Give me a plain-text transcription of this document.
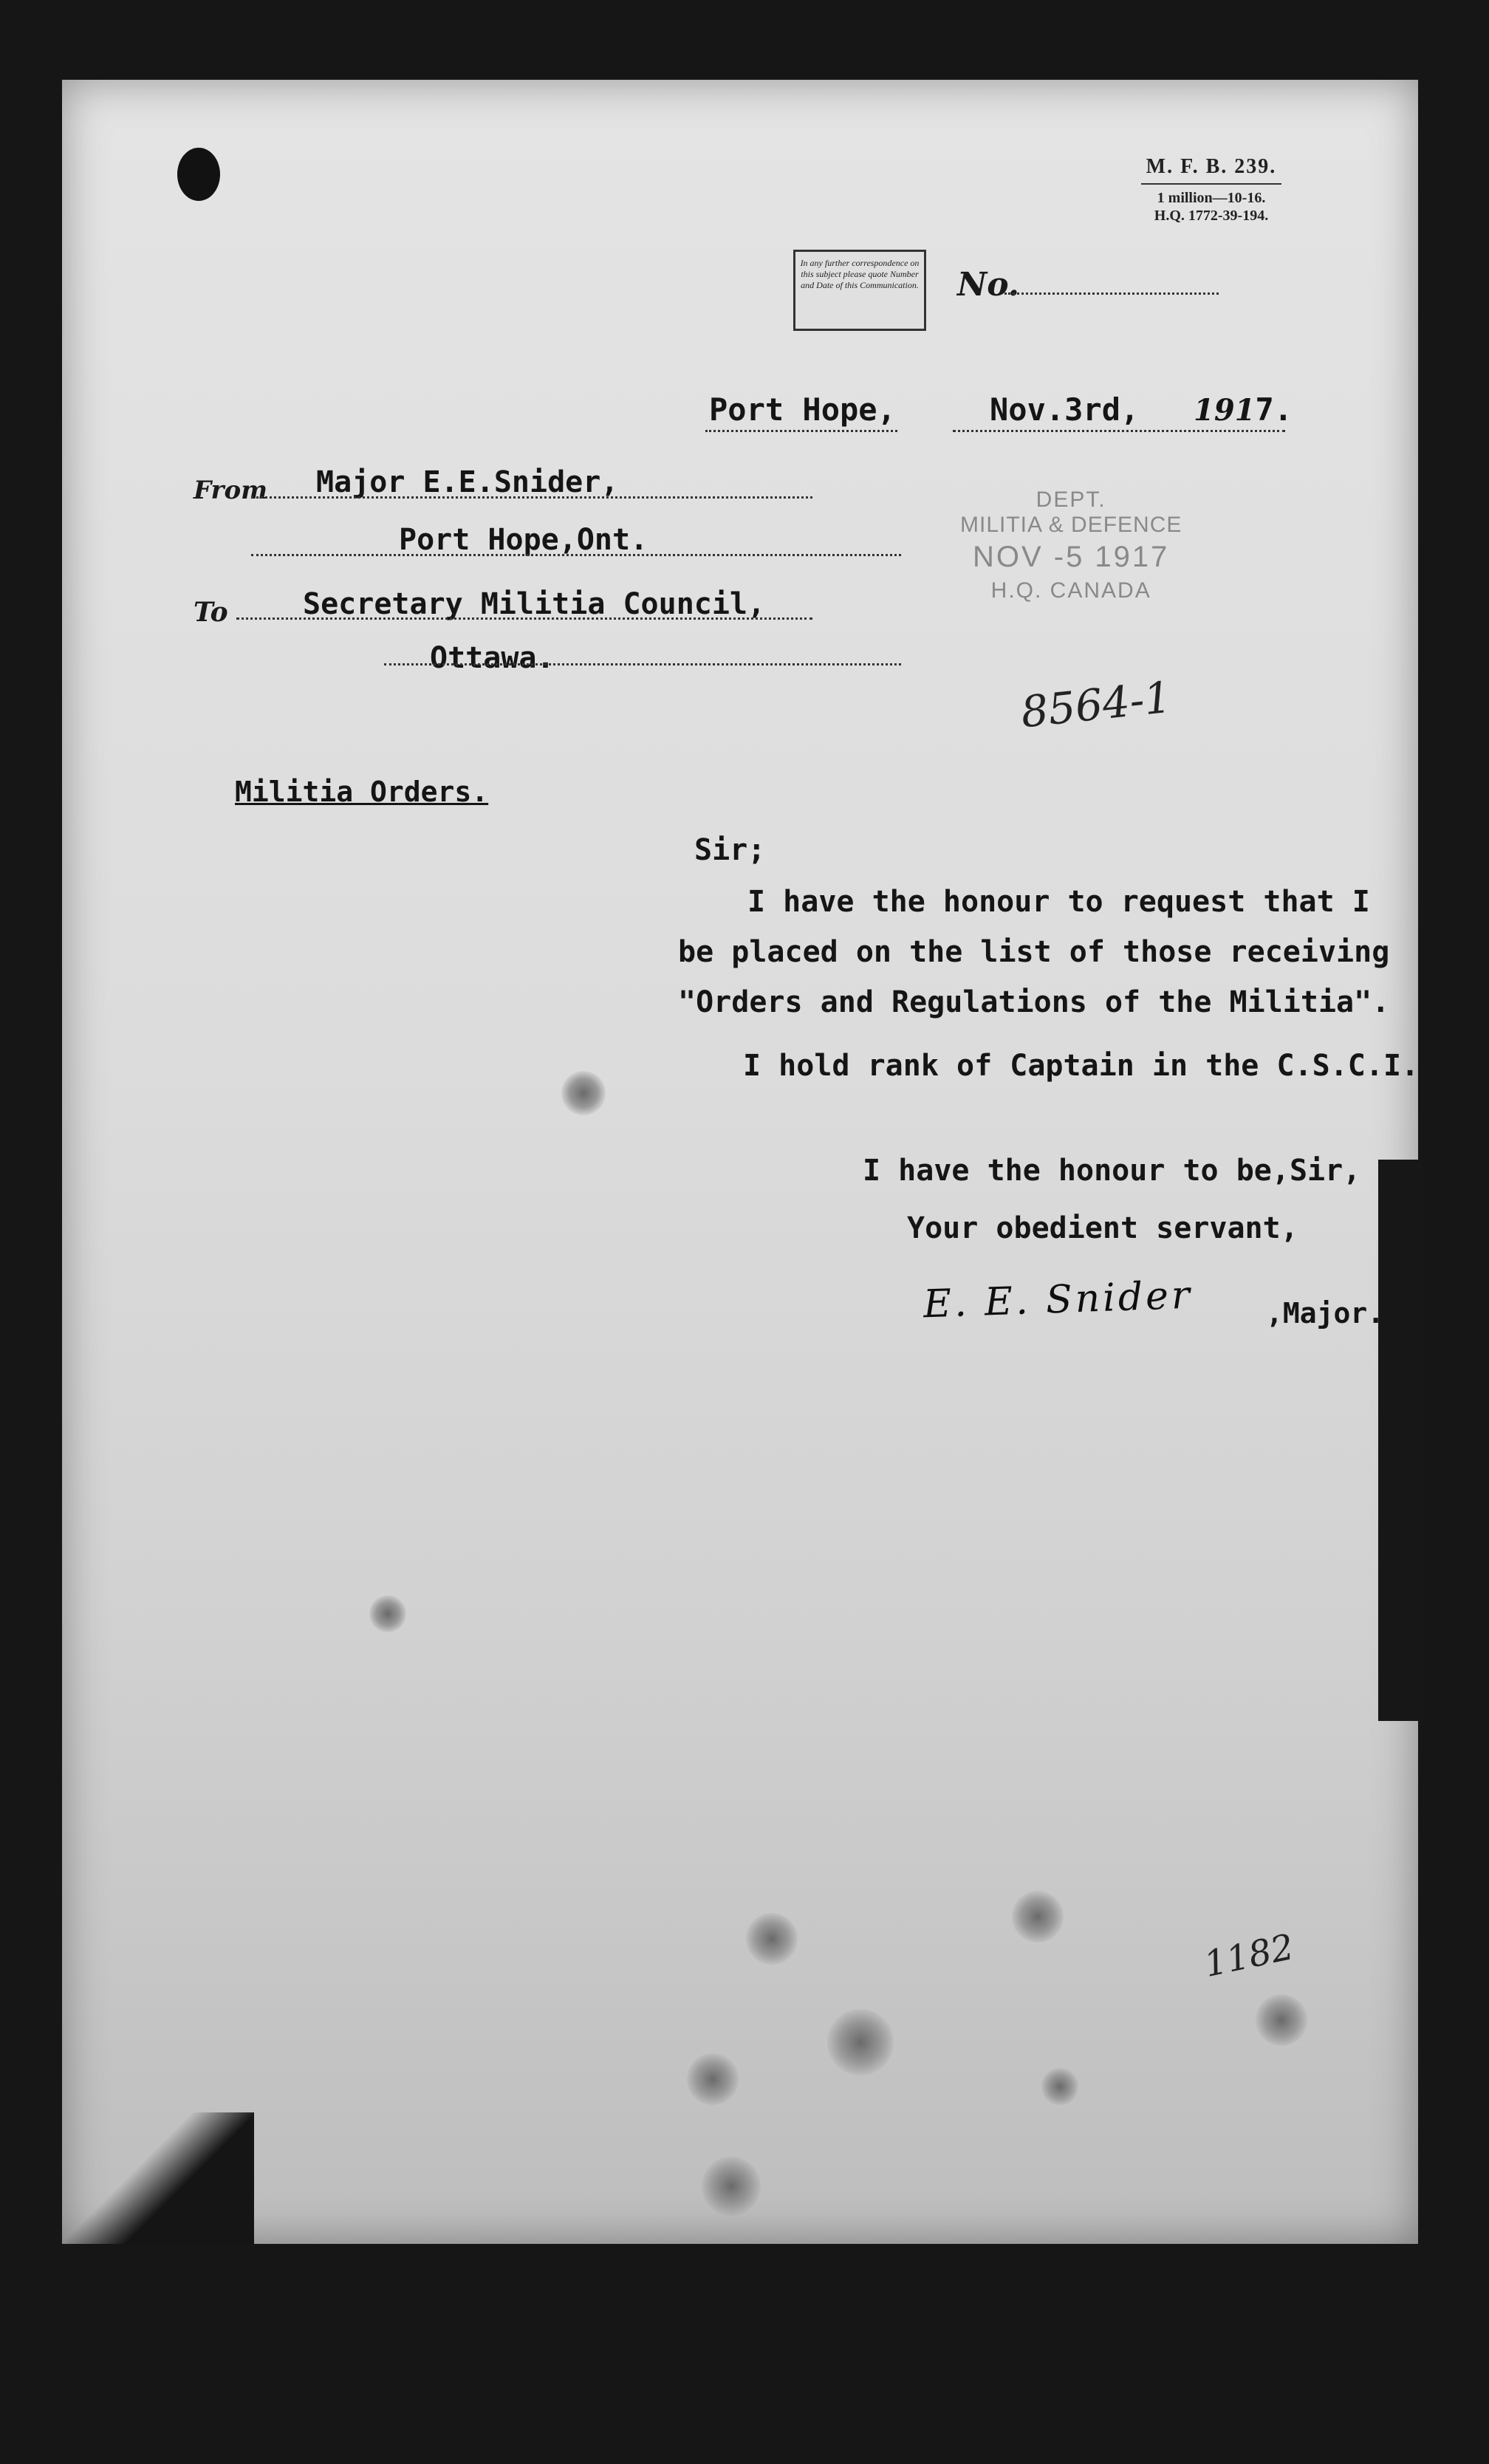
M. F. B. 239.
1 million—10-16.
H.Q. 1772-39-194.
In any further correspondence on this subject please quote Number and Date of this Communication. No.
Port Hope,	Nov.3rd, 1917.
From Major E.E.Snider,
Port Hope,Ont.
To	Secretary Militia Council,
Ottawa.
DEPT.
MILITIA & DEFENCE
NOV -5 1917
H.Q. CANADA
8564-1
Militia Orders.
Sir;
I have the honour to request that I
be placed on the list of those receiving
"Orders and Regulations of the Militia".
I hold rank of Captain in the C.S.C.I.
I have the honour to be,Sir,
Your obedient servant,
E. E. Snider	,Major.
1182
